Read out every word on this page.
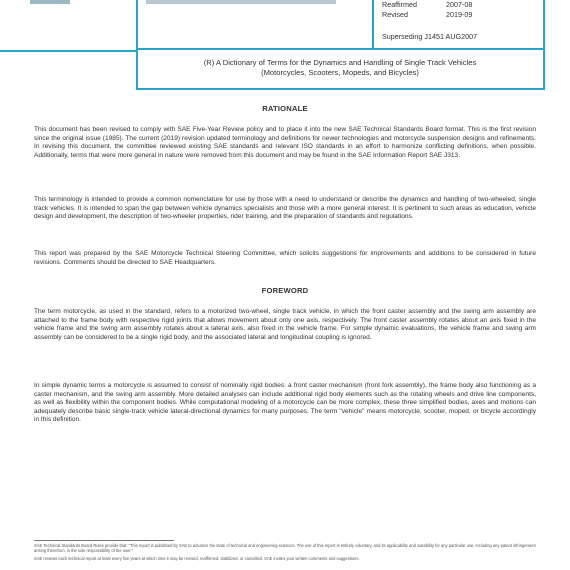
Reaffirmed	2007-08
Revised	2019-09
Superseding J1451 AUG2007
(R) A Dictionary of Terms for the Dynamics and Handling of Single Track Vehicles
(Motorcycles, Scooters, Mopeds, and Bicycles)
RATIONALE
This document has been revised to comply with SAE Five-Year Review policy and to place it into the new SAE Technical Standards Board format. This is the first revision since the original issue (1985). The current (2019) revision updated terminology and definitions for newer technologies and motorcycle suspension designs and refinements. In revising this document, the committee reviewed existing SAE standards and relevant ISO standards in an effort to harmonize conflicting definitions, when possible. Additionally, terms that were more general in nature were removed from this document and may be found in the SAE Information Report SAE J313.
This terminology is intended to provide a common nomenclature for use by those with a need to understand or describe the dynamics and handling of two-wheeled, single track vehicles. It is intended to span the gap between vehicle dynamics specialists and those with a more general interest. It is pertinent to such areas as education, vehicle design and development, the description of two-wheeler properties, rider training, and the preparation of standards and regulations.
This report was prepared by the SAE Motorcycle Technical Steering Committee, which solicits suggestions for improvements and additions to be considered in future revisions. Comments should be directed to SAE Headquarters.
FOREWORD
The term motorcycle, as used in the standard, refers to a motorized two-wheel, single track vehicle, in which the front caster assembly and the swing arm assembly are attached to the frame body with respective rigid joints that allows movement about only one axis, respectively. The front caster assembly rotates about an axis fixed in the vehicle frame and the swing arm assembly rotates about a lateral axis, also fixed in the vehicle frame. For simple dynamic evaluations, the vehicle frame and swing arm assembly can be considered to be a single rigid body, and the associated lateral and longitudinal coupling is ignored.
In simple dynamic terms a motorcycle is assumed to consist of nominally rigid bodies: a front caster mechanism (front fork assembly), the frame body also functioning as a caster mechanism, and the swing arm assembly. More detailed analyses can include additional rigid body elements such as the rotating wheels and drive line components, as well as flexibility within the component bodies. While computational modeling of a motorcycle can be more complex, these three simplified bodies, axes and motions can adequately describe basic single-track vehicle lateral-directional dynamics for many purposes. The term "vehicle" means motorcycle, scooter, moped, or bicycle accordingly in this definition.
SAE Technical Standards Board Rules provide that: "This report is published by SAE to advance the state of technical and engineering sciences. The use of this report is entirely voluntary, and its applicability and suitability for any particular use, including any patent infringement arising therefrom, is the sole responsibility of the user."
SAE reviews each technical report at least every five years at which time it may be revised, reaffirmed, stabilized, or cancelled. SAE invites your written comments and suggestions.
